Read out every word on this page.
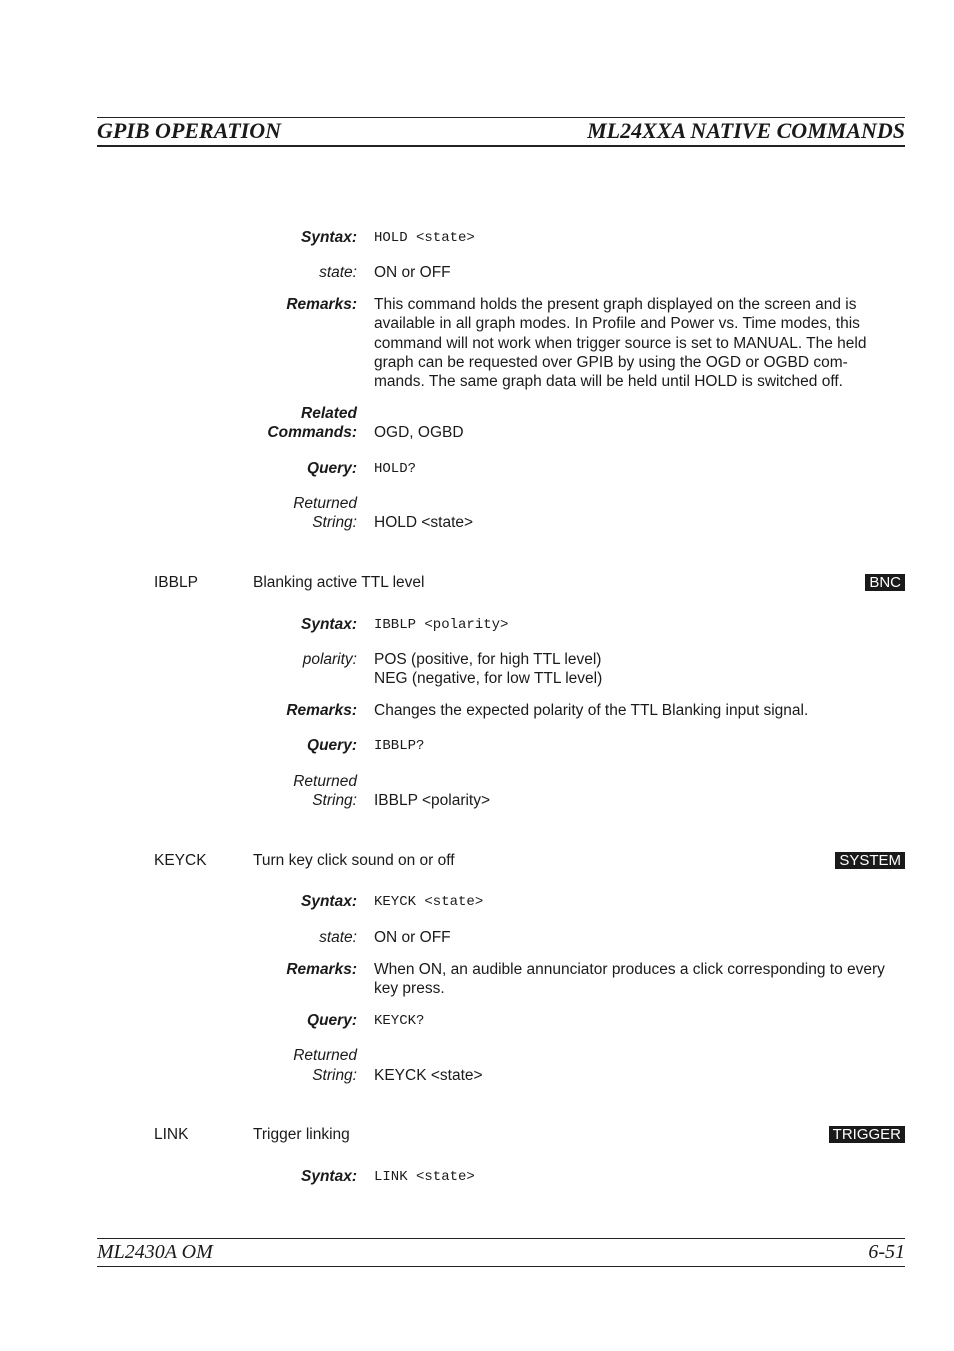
GPIB OPERATION	ML24XXA NATIVE COMMANDS
Syntax: HOLD <state>
state: ON or OFF
Remarks: This command holds the present graph displayed on the screen and is
available in all graph modes. In Profile and Power vs. Time modes, this
command will not work when trigger source is set to MANUAL. The held
graph can be requested over GPIB by using the OGD or OGBD com-
mands. The same graph data will be held until HOLD is switched off.
Related
Commands: OGD, OGBD
Query: HOLD?
Returned
String: HOLD <state>
IBBLP	Blanking active TTL level	BNC
Syntax: IBBLP <polarity>
polarity: POS (positive, for high TTL level)
NEG (negative, for low TTL level)
Remarks: Changes the expected polarity of the TTL Blanking input signal.
Query: IBBLP?
Returned
String: IBBLP <polarity>
KEYCK	Turn key click sound on or off	SYSTEM
Syntax: KEYCK <state>
state: ON or OFF
Remarks: When ON, an audible annunciator produces a click corresponding to every
key press.
Query: KEYCK?
Returned
String: KEYCK <state>
LINK	Trigger linking	TRIGGER
Syntax: LINK <state>
ML2430A OM	6-51
